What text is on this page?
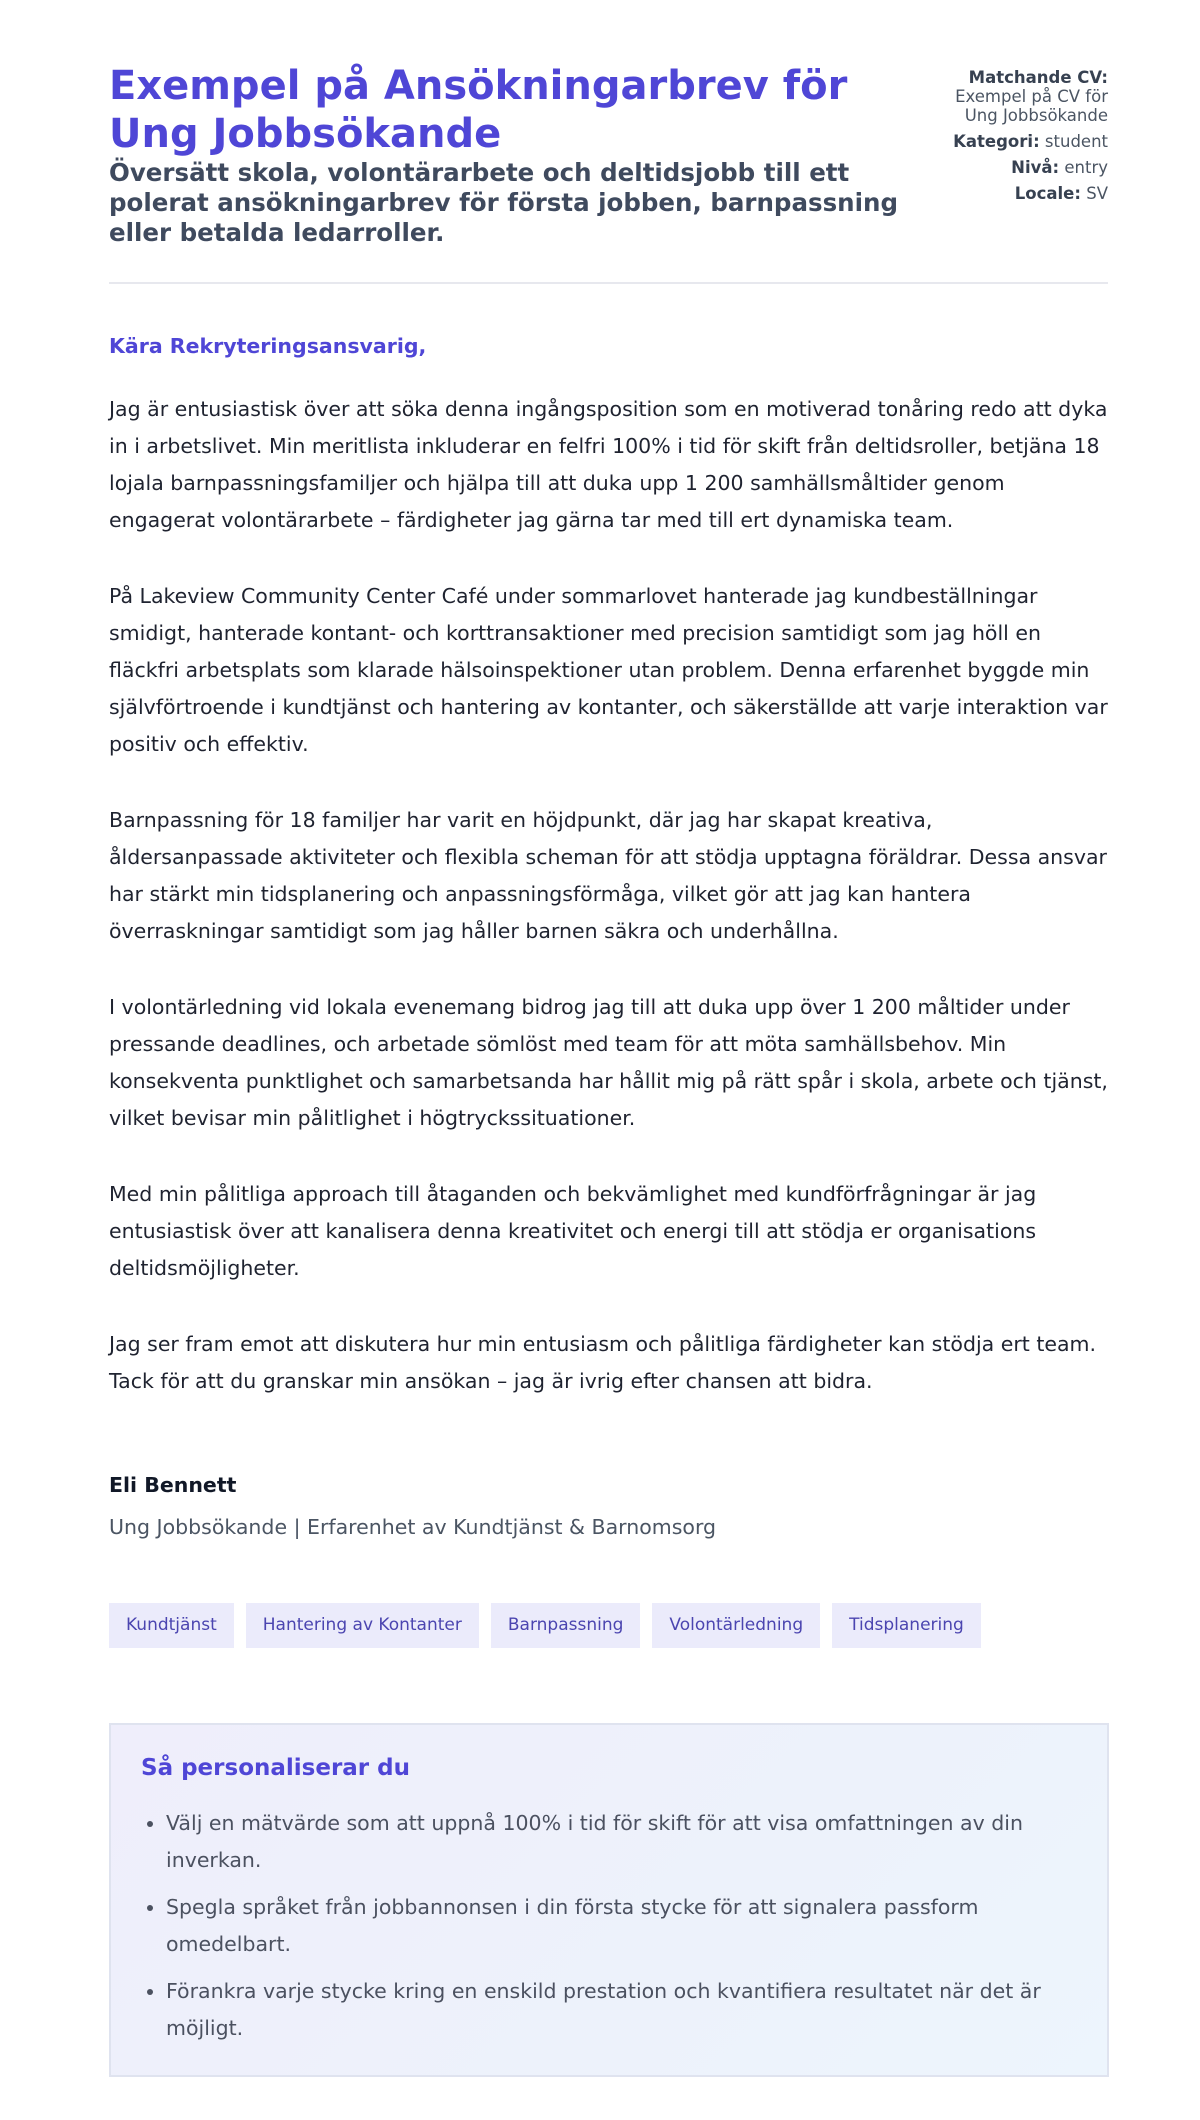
Exempel på Ansökningarbrev för Ung Jobbsökande
Översätt skola, volontärarbete och deltidsjobb till ett polerat ansökningarbrev för första jobben, barnpassning eller betalda ledarroller.
Matchande CV:
Exempel på CV för Ung Jobbsökande
Kategori: student
Nivå: entry
Locale: SV

Kära Rekryteringsansvarig,

Jag är entusiastisk över att söka denna ingångsposition som en motiverad tonåring redo att dyka in i arbetslivet. Min meritlista inkluderar en felfri 100% i tid för skift från deltidsroller, betjäna 18 lojala barnpassningsfamiljer och hjälpa till att duka upp 1 200 samhällsmåltider genom engagerat volontärarbete – färdigheter jag gärna tar med till ert dynamiska team.

På Lakeview Community Center Café under sommarlovet hanterade jag kundbeställningar smidigt, hanterade kontant- och korttransaktioner med precision samtidigt som jag höll en fläckfri arbetsplats som klarade hälsoinspektioner utan problem. Denna erfarenhet byggde min självförtroende i kundtjänst och hantering av kontanter, och säkerställde att varje interaktion var positiv och effektiv.

Barnpassning för 18 familjer har varit en höjdpunkt, där jag har skapat kreativa, åldersanpassade aktiviteter och flexibla scheman för att stödja upptagna föräldrar. Dessa ansvar har stärkt min tidsplanering och anpassningsförmåga, vilket gör att jag kan hantera överraskningar samtidigt som jag håller barnen säkra och underhållna.

I volontärledning vid lokala evenemang bidrog jag till att duka upp över 1 200 måltider under pressande deadlines, och arbetade sömlöst med team för att möta samhällsbehov. Min konsekventa punktlighet och samarbetsanda har hållit mig på rätt spår i skola, arbete och tjänst, vilket bevisar min pålitlighet i högtryckssituationer.

Med min pålitliga approach till åtaganden och bekvämlighet med kundförfrågningar är jag entusiastisk över att kanalisera denna kreativitet och energi till att stödja er organisations deltidsmöjligheter.

Jag ser fram emot att diskutera hur min entusiasm och pålitliga färdigheter kan stödja ert team. Tack för att du granskar min ansökan – jag är ivrig efter chansen att bidra.

Eli Bennett
Ung Jobbsökande | Erfarenhet av Kundtjänst & Barnomsorg
Kundtjänst	Hantering av Kontanter	Barnpassning	Volontärledning	Tidsplanering
Så personaliserar du
• Välj en mätvärde som att uppnå 100% i tid för skift för att visa omfattningen av din inverkan.
• Spegla språket från jobbannonsen i din första stycke för att signalera passform omedelbart.
• Förankra varje stycke kring en enskild prestation och kvantifiera resultatet när det är möjligt.
